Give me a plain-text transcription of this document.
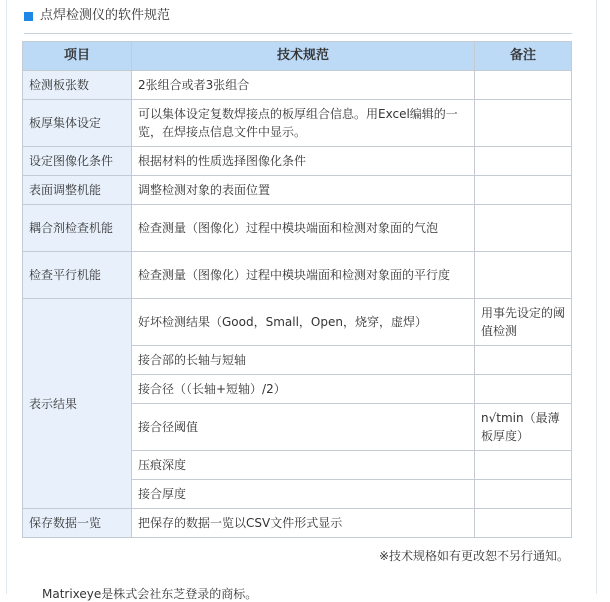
点焊检测仪的软件规范
项目	技术规范	备注
检测板张数	2张组合或者3张组合	
板厚集体设定	可以集体设定复数焊接点的板厚组合信息。用Excel编辑的一览，在焊接点信息文件中显示。	
设定图像化条件	根据材料的性质选择图像化条件	
表面调整机能	调整检测对象的表面位置	
耦合剂检查机能	检查测量（图像化）过程中模块端面和检测对象面的气泡	
检查平行机能	检查测量（图像化）过程中模块端面和检测对象面的平行度	
表示结果	好坏检测结果（Good，Small，Open，烧穿，虚焊）	用事先设定的阈值检测
	接合部的长轴与短轴	
	接合径（（长轴+短轴）/2）	
	接合径阈值	n√tmin（最薄板厚度）
	压痕深度	
	接合厚度	
保存数据一览	把保存的数据一览以CSV文件形式显示	
※技术规格如有更改恕不另行通知。
Matrixeye是株式会社东芝登录的商标。
